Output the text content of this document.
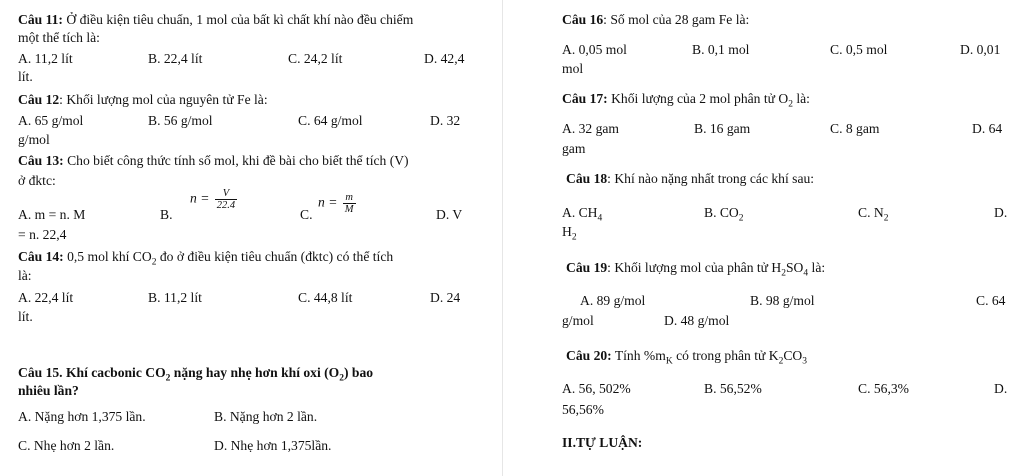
Câu 11: Ở điều kiện tiêu chuẩn, 1 mol của bất kì chất khí nào đều chiếm
một thể tích là:
A. 11,2 lít	B. 22,4 lít	C. 24,2 lít	D. 42,4
lít.
Câu 12: Khối lượng mol của nguyên tử Fe là:
A. 65 g/mol	B. 56 g/mol	C. 64 g/mol	D. 32
g/mol
Câu 13: Cho biết công thức tính số mol, khi đề bài cho biết thể tích (V)
ở đktc:
A. m = n. M	B.
$n = \frac{V}{22.4}$
C.
$n = \frac{m}{M}$	D. V
= n. 22,4
Câu 14: 0,5 mol khí $CO_2$ đo ở điều kiện tiêu chuẩn (đktc) có thể tích
là:
A. 22,4 lít	B. 11,2 lít	C. 44,8 lít	D. 24
lít.
Câu 15. Khí cacbonic $CO_2$ nặng hay nhẹ hơn khí oxi $(O_2)$ bao
nhiêu lần?
A. Nặng hơn 1,375 lần.	B. Nặng hơn 2 lần.
C. Nhẹ hơn 2 lần.	D. Nhẹ hơn 1,375lần.
Câu 16: Số mol của 28 gam Fe là:
A. 0,05 mol	B. 0,1 mol	C. 0,5 mol	D. 0,01
mol
Câu 17: Khối lượng của 2 mol phân tử $O_2$ là:
A. 32 gam	B. 16 gam	C. 8 gam	D. 64
gam
Câu 18: Khí nào nặng nhất trong các khí sau:
A. $CH_4$	B. $CO_2$	C. $N_2$	D.
$H_2$
Câu 19: Khối lượng mol của phân tử $H_2SO_4$ là:
A. 89 g/mol	B. 98 g/mol	C. 64
g/mol	D. 48 g/mol
Câu 20: Tính $\%m_K$ có trong phân tử $K_2CO_3$
A. 56, 502%	B. 56,52%	C. 56,3%	D.
56,56%
II.TỰ LUẬN:
